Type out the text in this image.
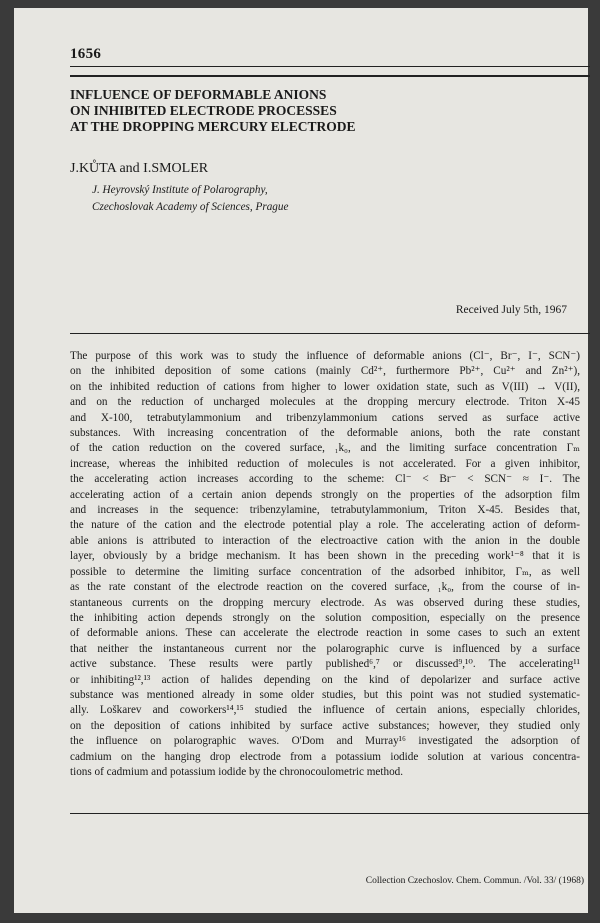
1656
INFLUENCE OF DEFORMABLE ANIONS
ON INHIBITED ELECTRODE PROCESSES
AT THE DROPPING MERCURY ELECTRODE
J.KŮTA and I.SMOLER
J. Heyrovský Institute of Polarography,
Czechoslovak Academy of Sciences, Prague
Received July 5th, 1967
The purpose of this work was to study the influence of deformable anions (Cl⁻, Br⁻, I⁻, SCN⁻)
on the inhibited deposition of some cations (mainly Cd²⁺, furthermore Pb²⁺, Cu²⁺ and Zn²⁺),
on the inhibited reduction of cations from higher to lower oxidation state, such as V(III) → V(II),
and on the reduction of uncharged molecules at the dropping mercury electrode. Triton X-45
and X-100, tetrabutylammonium and tribenzylammonium cations served as surface active
substances. With increasing concentration of the deformable anions, both the rate constant
of the cation reduction on the covered surface, ₁k₀, and the limiting surface concentration Γₘ
increase, whereas the inhibited reduction of molecules is not accelerated. For a given inhibitor,
the accelerating action increases according to the scheme: Cl⁻ < Br⁻ < SCN⁻ ≈ I⁻. The
accelerating action of a certain anion depends strongly on the properties of the adsorption film
and increases in the sequence: tribenzylamine, tetrabutylammonium, Triton X-45. Besides that,
the nature of the cation and the electrode potential play a role. The accelerating action of deform-
able anions is attributed to interaction of the electroactive cation with the anion in the double
layer, obviously by a bridge mechanism. It has been shown in the preceding work¹⁻⁸ that it is
possible to determine the limiting surface concentration of the adsorbed inhibitor, Γₘ, as well
as the rate constant of the electrode reaction on the covered surface, ₁k₀, from the course of in-
stantaneous currents on the dropping mercury electrode. As was observed during these studies,
the inhibiting action depends strongly on the solution composition, especially on the presence
of deformable anions. These can accelerate the electrode reaction in some cases to such an extent
that neither the instantaneous current nor the polarographic curve is influenced by a surface
active substance. These results were partly published⁶,⁷ or discussed⁹,¹⁰. The accelerating¹¹
or inhibiting¹²,¹³ action of halides depending on the kind of depolarizer and surface active
substance was mentioned already in some older studies, but this point was not studied systematic-
ally. Loškarev and coworkers¹⁴,¹⁵ studied the influence of certain anions, especially chlorides,
on the deposition of cations inhibited by surface active substances; however, they studied only
the influence on polarographic waves. O'Dom and Murray¹⁶ investigated the adsorption of
cadmium on the hanging drop electrode from a potassium iodide solution at various concentra-
tions of cadmium and potassium iodide by the chronocoulometric method.
Collection Czechoslov. Chem. Commun. /Vol. 33/ (1968)
